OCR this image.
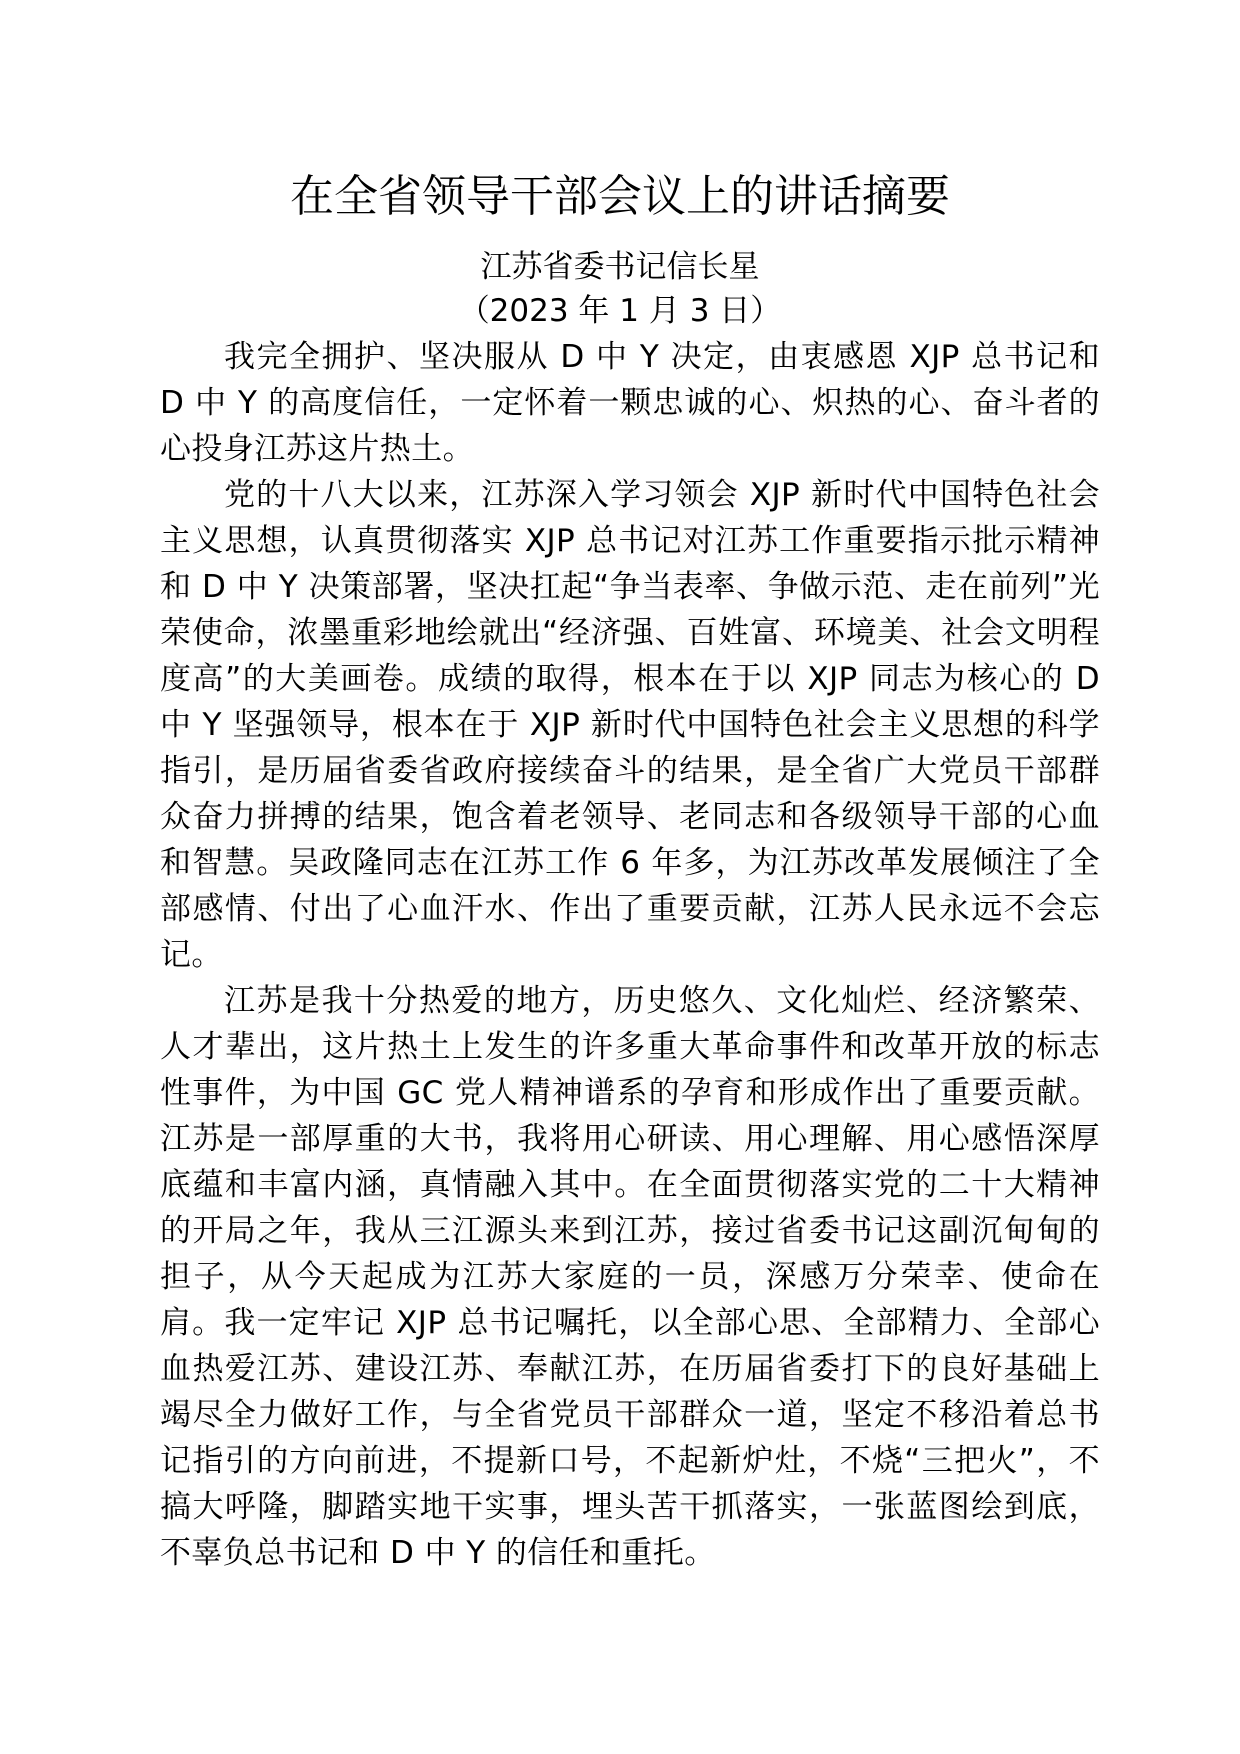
在全省领导干部会议上的讲话摘要
江苏省委书记信长星
（2023 年 1 月 3 日）

我完全拥护、坚决服从 D 中 Y 决定，由衷感恩 XJP 总书记和 D 中 Y 的高度信任，一定怀着一颗忠诚的心、炽热的心、奋斗者的心投身江苏这片热土。

党的十八大以来，江苏深入学习领会 XJP 新时代中国特色社会主义思想，认真贯彻落实 XJP 总书记对江苏工作重要指示批示精神和 D 中 Y 决策部署，坚决扛起“争当表率、争做示范、走在前列”光荣使命，浓墨重彩地绘就出“经济强、百姓富、环境美、社会文明程度高”的大美画卷。成绩的取得，根本在于以 XJP 同志为核心的 D 中 Y 坚强领导，根本在于 XJP 新时代中国特色社会主义思想的科学指引，是历届省委省政府接续奋斗的结果，是全省广大党员干部群众奋力拼搏的结果，饱含着老领导、老同志和各级领导干部的心血和智慧。吴政隆同志在江苏工作 6 年多，为江苏改革发展倾注了全部感情、付出了心血汗水、作出了重要贡献，江苏人民永远不会忘记。

江苏是我十分热爱的地方，历史悠久、文化灿烂、经济繁荣、人才辈出，这片热土上发生的许多重大革命事件和改革开放的标志性事件，为中国 GC 党人精神谱系的孕育和形成作出了重要贡献。江苏是一部厚重的大书，我将用心研读、用心理解、用心感悟深厚底蕴和丰富内涵，真情融入其中。在全面贯彻落实党的二十大精神的开局之年，我从三江源头来到江苏，接过省委书记这副沉甸甸的担子，从今天起成为江苏大家庭的一员，深感万分荣幸、使命在肩。我一定牢记 XJP 总书记嘱托，以全部心思、全部精力、全部心血热爱江苏、建设江苏、奉献江苏，在历届省委打下的良好基础上竭尽全力做好工作，与全省党员干部群众一道，坚定不移沿着总书记指引的方向前进，不提新口号，不起新炉灶，不烧“三把火”，不搞大呼隆，脚踏实地干实事，埋头苦干抓落实，一张蓝图绘到底，不辜负总书记和 D 中 Y 的信任和重托。
